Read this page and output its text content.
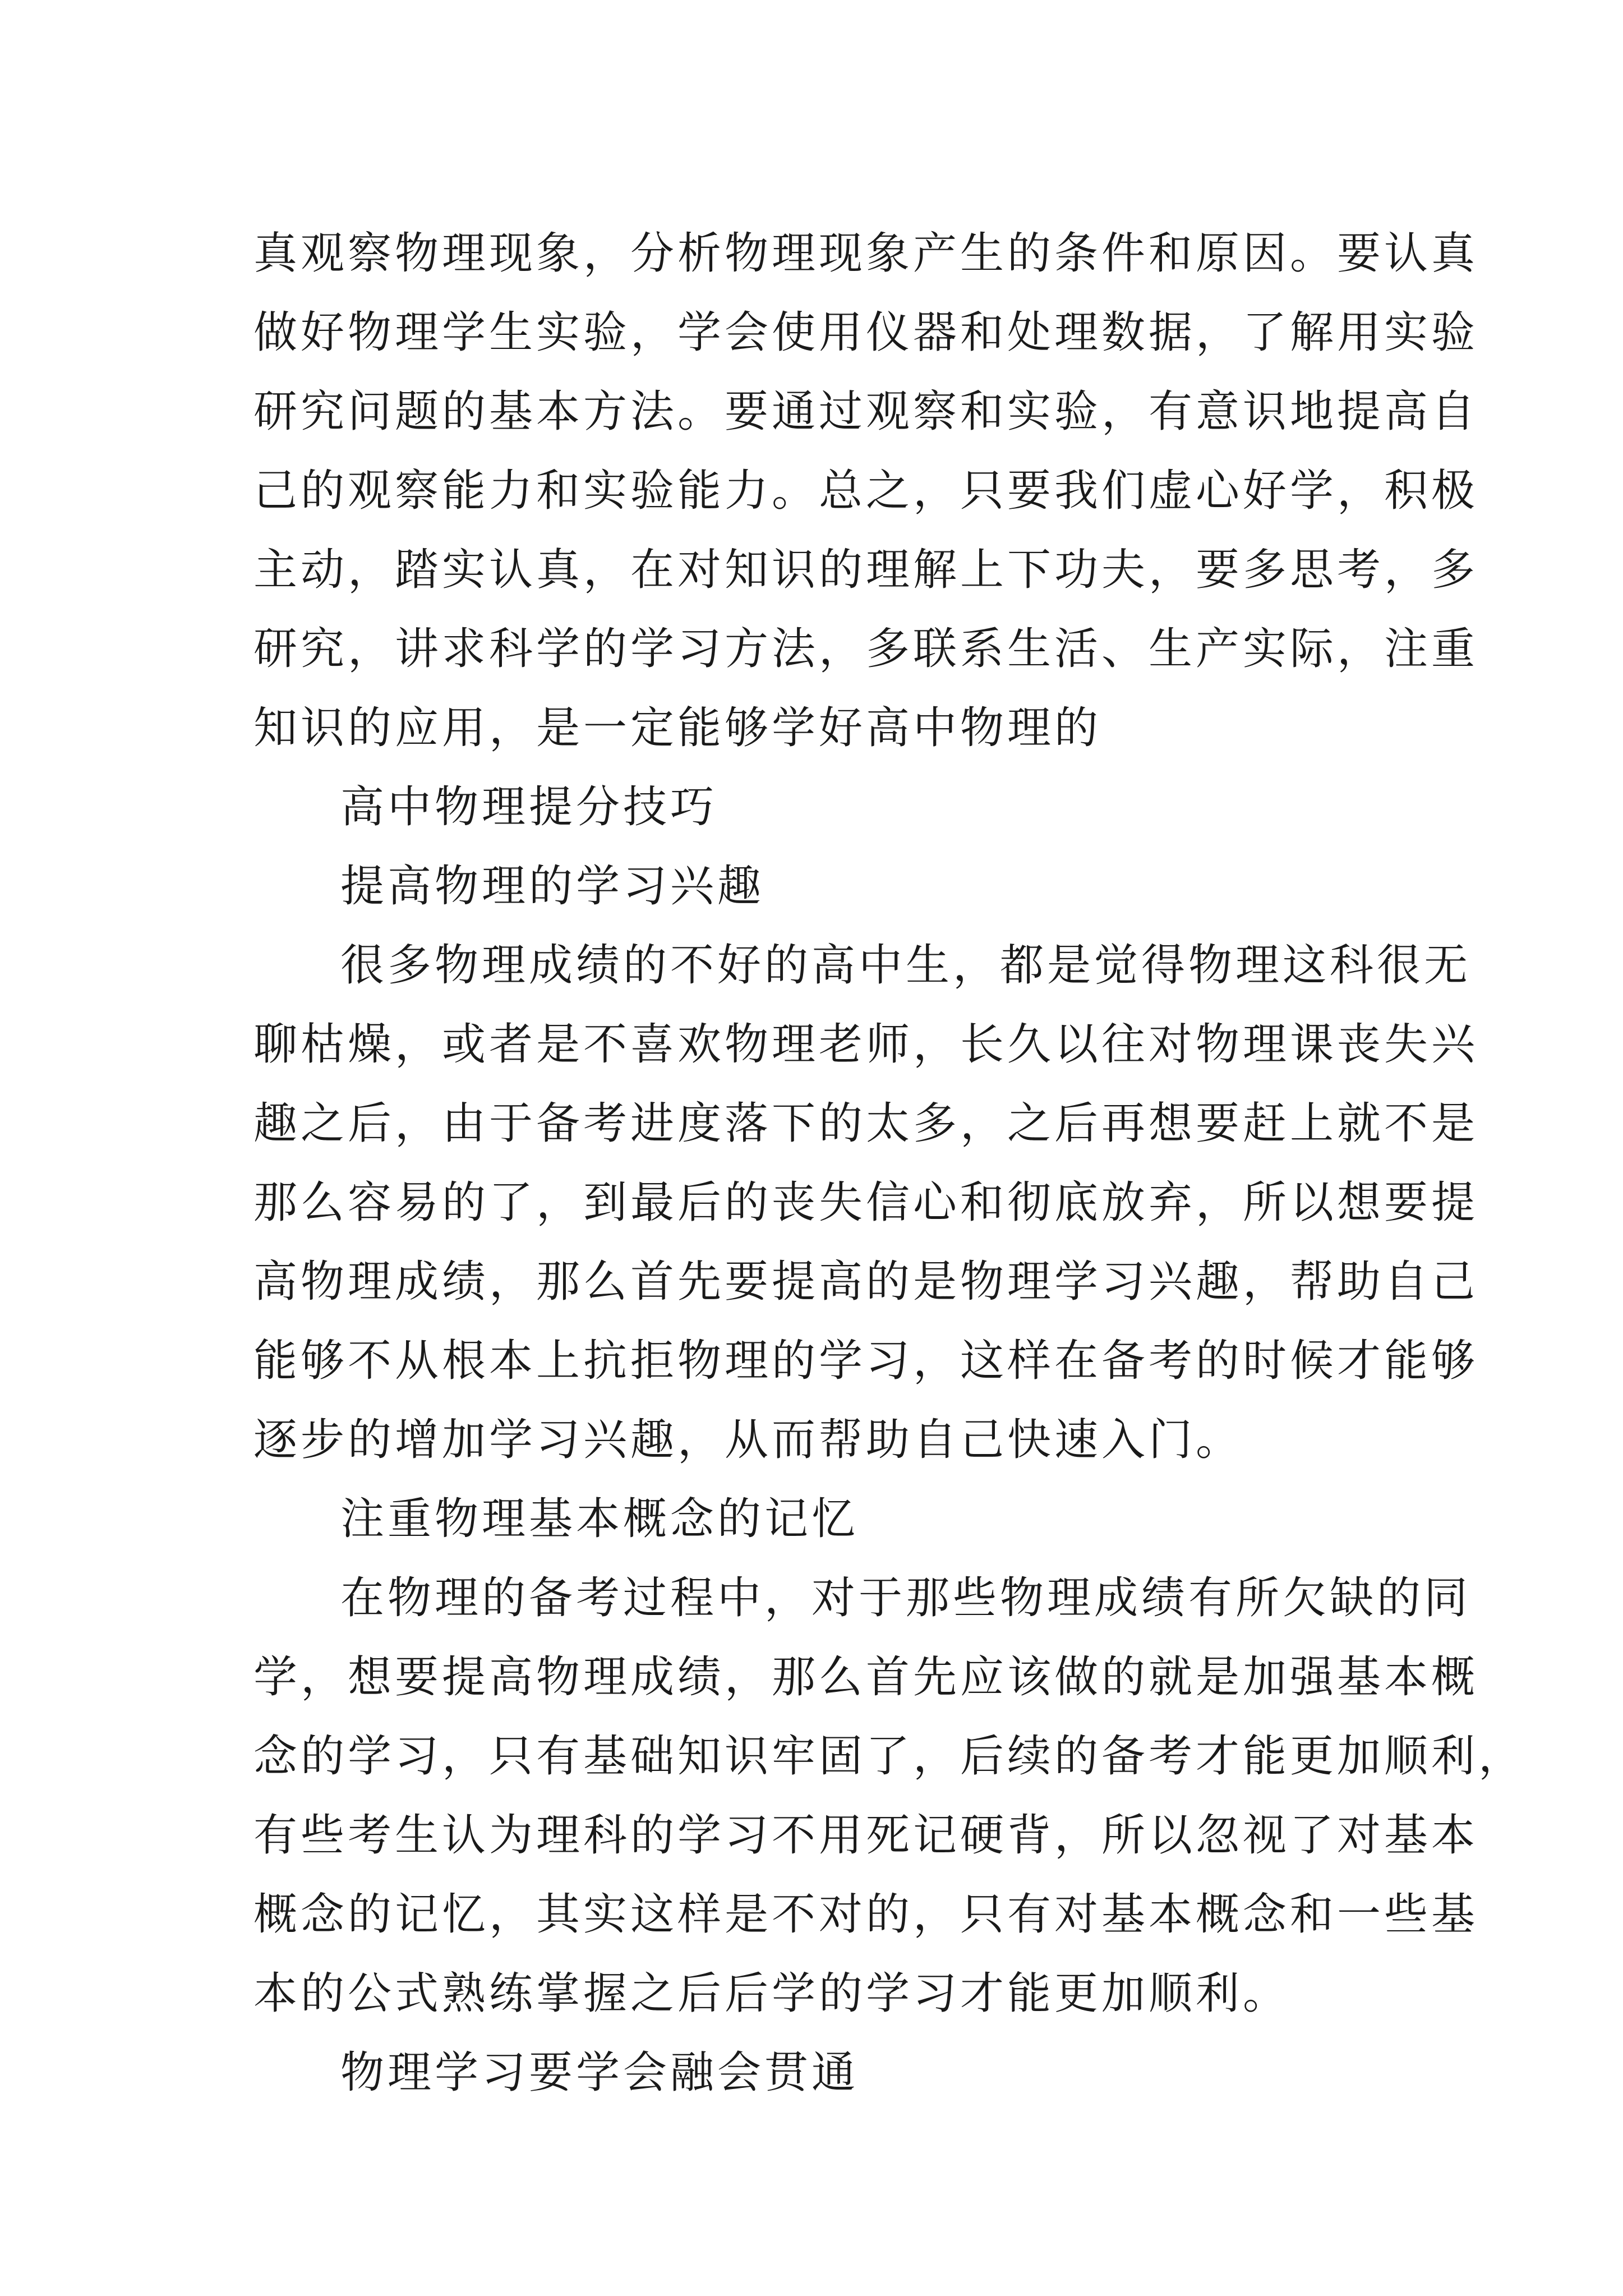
真观察物理现象，分析物理现象产生的条件和原因。要认真
做好物理学生实验，学会使用仪器和处理数据，了解用实验
研究问题的基本方法。要通过观察和实验，有意识地提高自
己的观察能力和实验能力。总之，只要我们虚心好学，积极
主动，踏实认真，在对知识的理解上下功夫，要多思考，多
研究，讲求科学的学习方法，多联系生活、生产实际，注重
知识的应用，是一定能够学好高中物理的
高中物理提分技巧
提高物理的学习兴趣
很多物理成绩的不好的高中生，都是觉得物理这科很无
聊枯燥，或者是不喜欢物理老师，长久以往对物理课丧失兴
趣之后，由于备考进度落下的太多，之后再想要赶上就不是
那么容易的了，到最后的丧失信心和彻底放弃，所以想要提
高物理成绩，那么首先要提高的是物理学习兴趣，帮助自己
能够不从根本上抗拒物理的学习，这样在备考的时候才能够
逐步的增加学习兴趣，从而帮助自己快速入门。
注重物理基本概念的记忆
在物理的备考过程中，对于那些物理成绩有所欠缺的同
学，想要提高物理成绩，那么首先应该做的就是加强基本概
念的学习，只有基础知识牢固了，后续的备考才能更加顺利，
有些考生认为理科的学习不用死记硬背，所以忽视了对基本
概念的记忆，其实这样是不对的，只有对基本概念和一些基
本的公式熟练掌握之后后学的学习才能更加顺利。
物理学习要学会融会贯通
